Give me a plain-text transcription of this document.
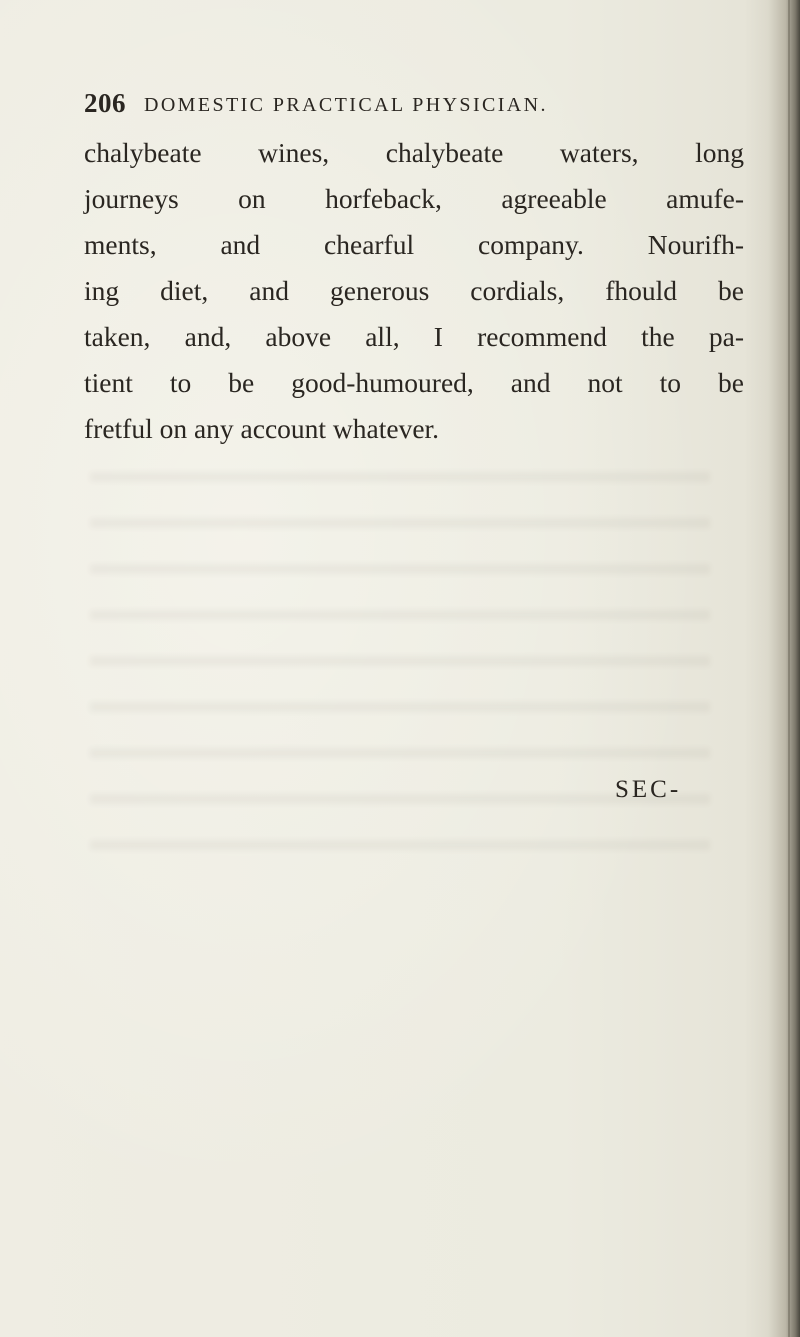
206 DOMESTIC PRACTICAL PHYSICIAN.

chalybeate wines, chalybeate waters, long
journeys on horfeback, agreeable amufe-
ments, and chearful company. Nourifh-
ing diet, and generous cordials, fhould be
taken, and, above all, I recommend the pa-
tient to be good-humoured, and not to be
fretful on any account whatever.

SEC-
